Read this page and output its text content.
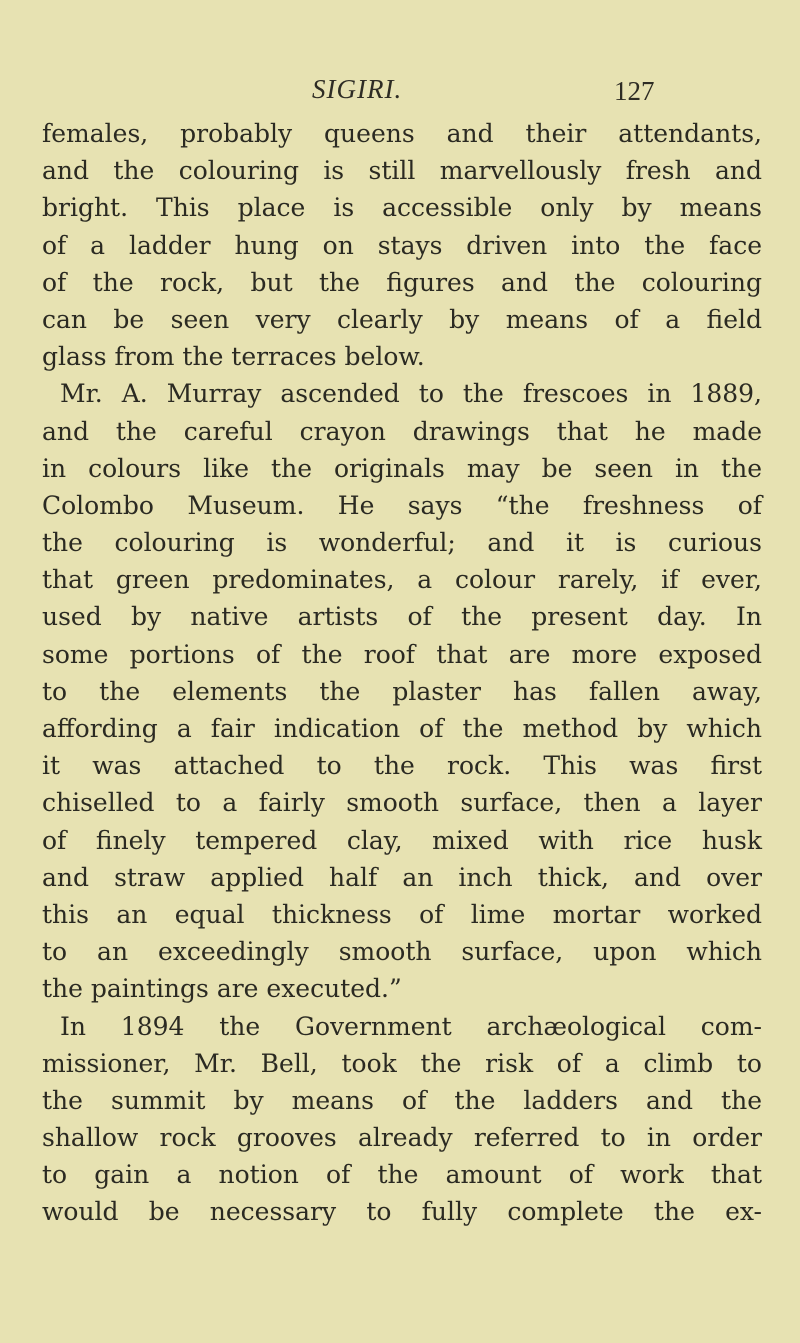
SIGIRI.	127
females, probably queens and their attendants,
and the colouring is still marvellously fresh and
bright. This place is accessible only by means
of a ladder hung on stays driven into the face
of the rock, but the figures and the colouring
can be seen very clearly by means of a field
glass from the terraces below.
Mr. A. Murray ascended to the frescoes in 1889,
and the careful crayon drawings that he made
in colours like the originals may be seen in the
Colombo Museum. He says “the freshness of
the colouring is wonderful; and it is curious
that green predominates, a colour rarely, if ever,
used by native artists of the present day. In
some portions of the roof that are more exposed
to the elements the plaster has fallen away,
affording a fair indication of the method by which
it was attached to the rock. This was first
chiselled to a fairly smooth surface, then a layer
of finely tempered clay, mixed with rice husk
and straw applied half an inch thick, and over
this an equal thickness of lime mortar worked
to an exceedingly smooth surface, upon which
the paintings are executed.”
In 1894 the Government archæological com-
missioner, Mr. Bell, took the risk of a climb to
the summit by means of the ladders and the
shallow rock grooves already referred to in order
to gain a notion of the amount of work that
would be necessary to fully complete the ex-
